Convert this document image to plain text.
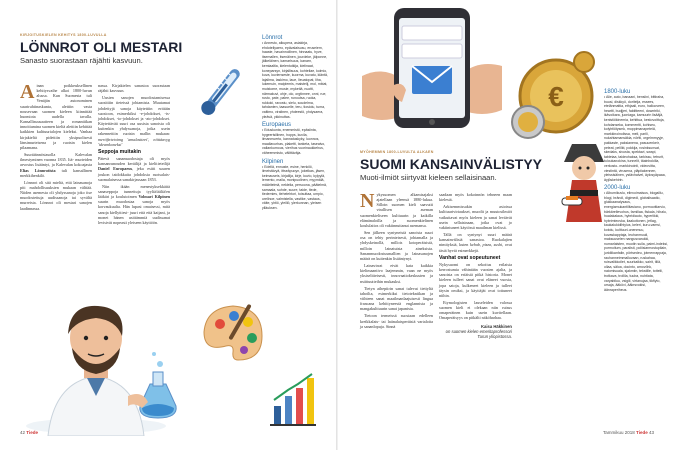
KIRJOITUSKIELEN KEHITYS 1800-LUVULLA
LÖNNROT OLI MESTARI
Sanasto suorastaan räjähti kasvuun.
A inan poikkeuksellinen kehitysvaihe alkoi 1800-luvun alussa. Kun Suomesta tuli Venäjän autonominen suuriruhtinaskunta, alettiin vasta nousevaan suomen kieleen kiinnittää huomiota uudella tavalla. Kansallisuusaatteen ja romantiikan innoittamina suomen kieltä alettiin kehittää kaikkien kulttuurialojen kieleksi. Vanhaa kirjakieltä pidettiin yksipuolisesti länsimurteisena ja ruotsin kielen pilaamana.
Suurtäännöstasolla Kalevalan ilmestyminen vuonna 1835. Itä- murteiden arvostus lisääntyi, ja Kalevalan kokoajasta Elias Lönnrotista tuli kansallinen merkkihenkilö.
Lönnrot oli sitä mieltä, että lainasanoja piti mahdollisuuksien mukaan välttää. Niiden asemesta oli yhdyssanoja joko itse muodostettuja uudissanoja tai syvältä murreista. Lönnrot oli mestari sanojen laadinnassa.
nassa. Kirjakielen sanastoa suorastaan räjähti kasvuun.
Uusien sanojen muodostamisessa suosittiin tieteissä johtamista. Muutamat johdettyjä sanoja käytettiin erittäin suosioon, esimerkiksi -e-johdokset, -is-johdokset, -io-johdokset ja -ato-johdokset. Käytettävää suuri osa uusista sanoista oli kuitenkin yhdyssanoja, jotka usein rakennettiin ruotsin mallin mukaan: mertiftrtetoimg 'amalastteet', niittäavyg 'ideamkoneksi'
Seppoja muitakin
Pätevä sanamuodostaja oli myös kansanrunouden keräilijä ja kielitieteilijä Daniel Europaeus, jeka esitti suuren joukon taidokkaita johdoksia ruotsalais-suomalaisessa sanakirjassaan 1853.
Niin ikään menestyksekkäitä sanaseppoja tunnettuja tyyliä/ääliä/en lääkäri ja koulutoimen Volmari Kilpinen suurin muodostaa sanoja myös korvaukuulta. Hän lupasi omaisessi, mitä sanoja kiellyttiesi- juuri että että kaijani, ja monet hänen usittämmiä uudissanat levisivät nopeasti yleiseen käyttöön.
Lönnrot
• Annesto, alkupera, asiakirja, ehdotellyaero, epävalaisusu, eruseiem, haaste, havainnollinen, hinnaatu, hyve, itsemallen, itsenäinen, jourdeke, jälponne, jälkeläinen, kamarlsuus, kanarn, kemiaaltia, kielentutkija, kielinaat, koneparsyn, kirjallisuus, kohteliae, kolmio, kuva, kuvienseste, kuorma, kuvatu, kiäntä, lajalima, laskimo, laue, lieuatopat, liha, lukemuin, maiplemis, maistelij, mol, mbiat, muistome, musie, myketiä, nuotti, närmakuvi, ohje, olo, orgtinnee, onni, rue, rusto, pate, palee, runoutsa, ruoka, rukkoki, ravostu, sielu, soudelma, tahdanten, taasuelle, teru, tiosiolu, tuma, valtimo, viralinen, yhdeestö, yhdysaera, yleävä, ykkinuttas.
Europaeus
• Eduskunta, enemmistö, epäsiinta, hygeerisiliinen, hopps, kuvila, ilmanmuerto, kannatuskyky, luonnos, maallavurhas, plaketti, tanketa, taseaivo, vallankumous, vierihus vuorinaukkehus, väheemmisto, välittäväja.
Kilpinen
• Edellä, ennuste, esine, henkilö, ilmeistävyä, ittseäpuoyn, jokeikas, jäsen, keimauseis, kirjailija, kirje, kuvio, kylpylä, lemento, maila, monipuolinen, myymälä, määritelmä, neklelia, persoona, päätelmä, samaala, suhde, suure, taide, tiede, tiedemies, tiehelehtori, toisuttaa, umpio, urellnoe, valmistella, vastike, vastaus, väite, yhtiö, yleillö, ylerkunnan, yleisen ylläuksen.
42 Tiede
€
MYÖHEMMIN 1800-LUVULTA ALKAEN
SUOMI KANSAINVÄLISTYY
Muoti-ilmiöt siirtyvät kieleen sellaisinaan.
N ykysuomen alkamisajaksi ajatellaan yleensä 1880-lukua. Silloin suomen kieli saavutti virallisen aseman suomenkieliseen kulttuurin ja kaikilla elämänaloilla ja suomenkielinen koululaitos oli vakiinnuttanut asemansa.
Sen jälkeen syntyneistä sanoista suuri osa on tehty perinteisesti, johtamalla ja yhdyskeinollä, millois kotoperäisistä, milloin lainatuista aineksista. Sananmuodostusmallien ja lainasanojen määrä on kuitenkin lisääntynyt.
Lainavirrat eivät kata kaikkia kielimaantivo laajemmin, vaan ne myös yksiselitteisesti, innovaatiokeskusten ja nstittuutteihin mukauksi.
Tietyn aihepiirin sanat tulevat tiettyltä tahoilta, esimerkiksi tietotekniikan ja viihteen sanat maailmanlaajuisesti lingua francana kehittyneestä englannista ja mangakulttuurin sanat japanista.
Tietoon termeissä suosiaan edelleen kreikkalais- tai latinalaisperäisiä vartaloita ja sananlopuja. Sinnä
saadaan myös kokoinnön tehneen maan kielestä.
Arkisemmissakin asioissa kulttuurivirtaukset, muodit ja muutosilmiöt vaikuttavat myös kieleen ja sanat leviävät usein sellaisinaan, jotka ovat jo vakiintuneet käytössä maailman kielissä.
Tällä on syntynyt suuri määrä kansainvälisiä sanastoa. Ruokalajien nimityksiä, kuten kebab, pizza, sushi, ovat tästä hyviä esimerkkejä.
Vanhat ovat sopeutuneet
Nykysuomi on sekoitus erilaisia kerrostumia vähintään vuosien ajalta, ja sanoista on eriäisiä pitkä historia. Monet kieleen tulleet sanat ovat eläneet vuosia, jopa satoja, kulkeneet kieleen ja tulleet täysin omiksi, ja käyttäjät ovat tottuneet niihin.
Etymologisten lauseleiden valossa suomen kieli ei olekaan niin ruisus omaperäinen kuin usein kuvitellaan. Omaperäisyys on pitkälti näköharhaa.
Kaisa Häkkinen
on suomen kielen emeritaprofessori Turun yliopistossa.
1800-luku
• Alie, auto, banaani, bensiini, bittiraha, buusi, diskkyö, doritelja, essees, etelänmattia, ethjaali, euro, hallooveen, heartti, budjjeri, faktitteeni, downtriki, ikävoikara, juoniaga, kamuurin lisääjä, kenistöikinemia, kehittua, kestovoittoja, kohdanseka, kommentti, kohiseu, kolyhtiötysmk, moppimanapeteiä, markkinoinolissa, meli, parili, nukahtamansäkia, nörtti, orgelmmyyje, pakkaste, paksianena, pasuuenkeir, peleat, pelilkt, pokkija, rosinksunsat, skedaks, sivusta, spektavi, swapi, tabletaa, taideohaksa, tarkissu, tetrurit, tuloukanokina, tunnelit, täainbokilla, verkosto- markkinointi, videovitta, viestintä, virusena, yläpiiakennen, yleissisäinen, ystävhalvel, äylosyäpaaa, äyjöskehirin.
2000-luku
• Albumikuvlu, elinvoimaisus, blogaillu, blogi, brändi, digimedi, globalisaatio, glukkaanalysaus, energiamukantilitaviano, pormoottiarvio, bärkärellevohus, familiaa, fiskala, hihalu, hualakalaus, hybridiauto, hyperlikki, hybrimteovka, ilaakotionen, jetlag, kaukalukidihtyius, keleri, kuru-vamsi, kotolu, kulttuuri-unenmuu, kuvaskapptaja, leuhanmuuli, maksuuselen nangusvarukki, numarlaisten, muotin suila, paimi-indeksi, pormoitum, paralisti, poliisiarmostupilain, juridiikanfalin, pörtsedeu, jotmenrappaja, rauhanneimmalluvaan, ruskahaa, ruisvalikkoilet, suurkaikko, sairit, tiliä, ollaa, säloa, docinto, amovöhk, naiomisuala, sjakmiin, tekstille, tottelii, trotkava, trollila, tuuba, nuhtiata, varyabiluu, vsigili, virtanujaa, tikfiyto, ursaja, ääkövi, ääkrsvokisi, äänraperiheus.
Tammikuu 2018 Tiede 43
